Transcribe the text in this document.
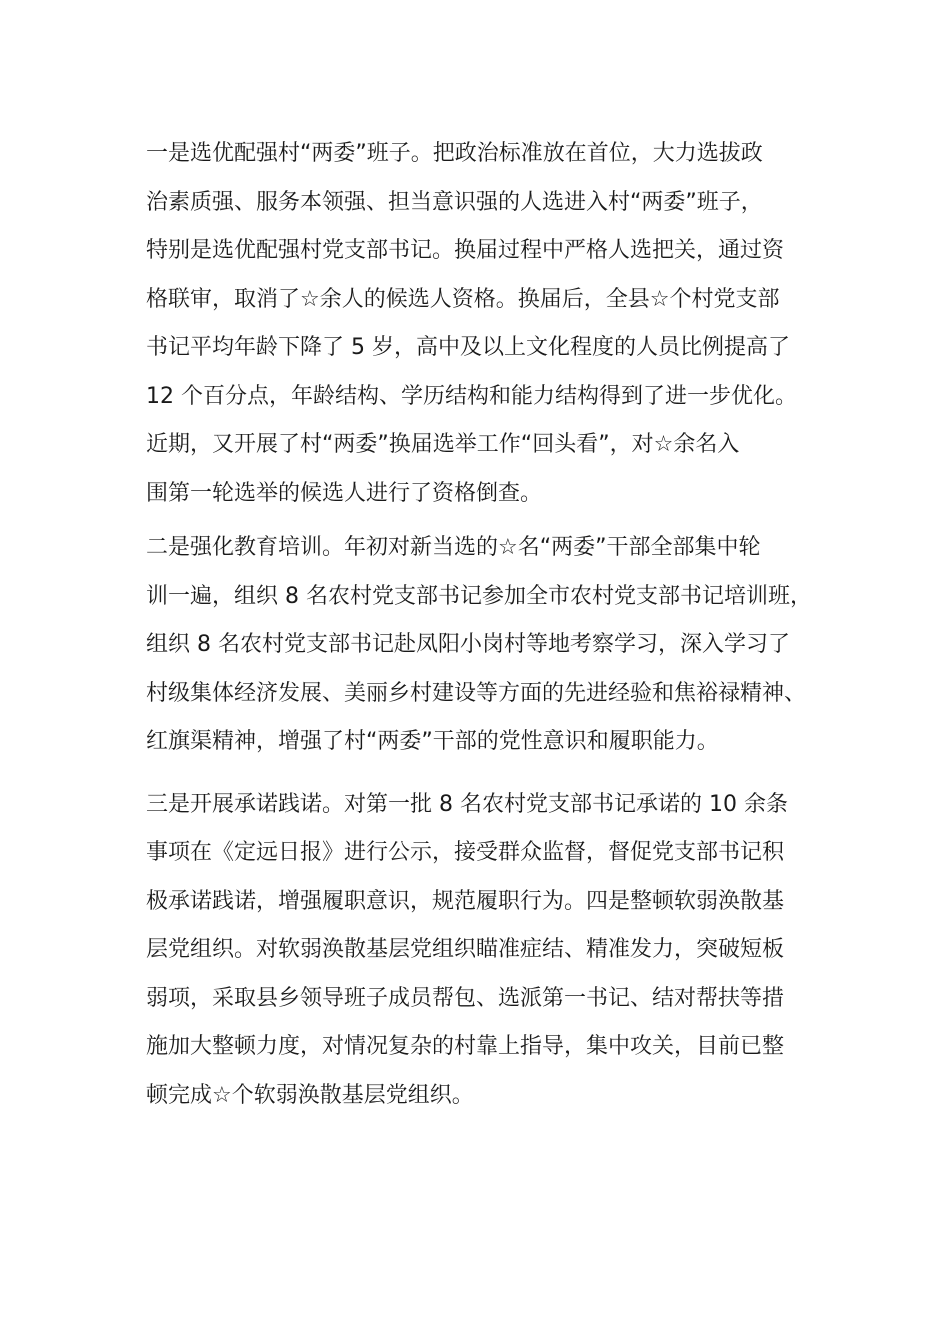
一是选优配强村“两委”班子。把政治标准放在首位，大力选拔政

治素质强、服务本领强、担当意识强的人选进入村“两委”班子，

特别是选优配强村党支部书记。换届过程中严格人选把关，通过资

格联审，取消了☆余人的候选人资格。换届后，全县☆个村党支部

书记平均年龄下降了 5 岁，高中及以上文化程度的人员比例提高了

12 个百分点，年龄结构、学历结构和能力结构得到了进一步优化。

近期，又开展了村“两委”换届选举工作“回头看”，对☆余名入

围第一轮选举的候选人进行了资格倒查。

二是强化教育培训。年初对新当选的☆名“两委”干部全部集中轮

训一遍，组织 8 名农村党支部书记参加全市农村党支部书记培训班，

组织 8 名农村党支部书记赴凤阳小岗村等地考察学习，深入学习了

村级集体经济发展、美丽乡村建设等方面的先进经验和焦裕禄精神、

红旗渠精神，增强了村“两委”干部的党性意识和履职能力。

三是开展承诺践诺。对第一批 8 名农村党支部书记承诺的 10 余条

事项在《定远日报》进行公示，接受群众监督，督促党支部书记积

极承诺践诺，增强履职意识，规范履职行为。四是整顿软弱涣散基

层党组织。对软弱涣散基层党组织瞄准症结、精准发力，突破短板

弱项，采取县乡领导班子成员帮包、选派第一书记、结对帮扶等措

施加大整顿力度，对情况复杂的村靠上指导，集中攻关，目前已整

顿完成☆个软弱涣散基层党组织。
